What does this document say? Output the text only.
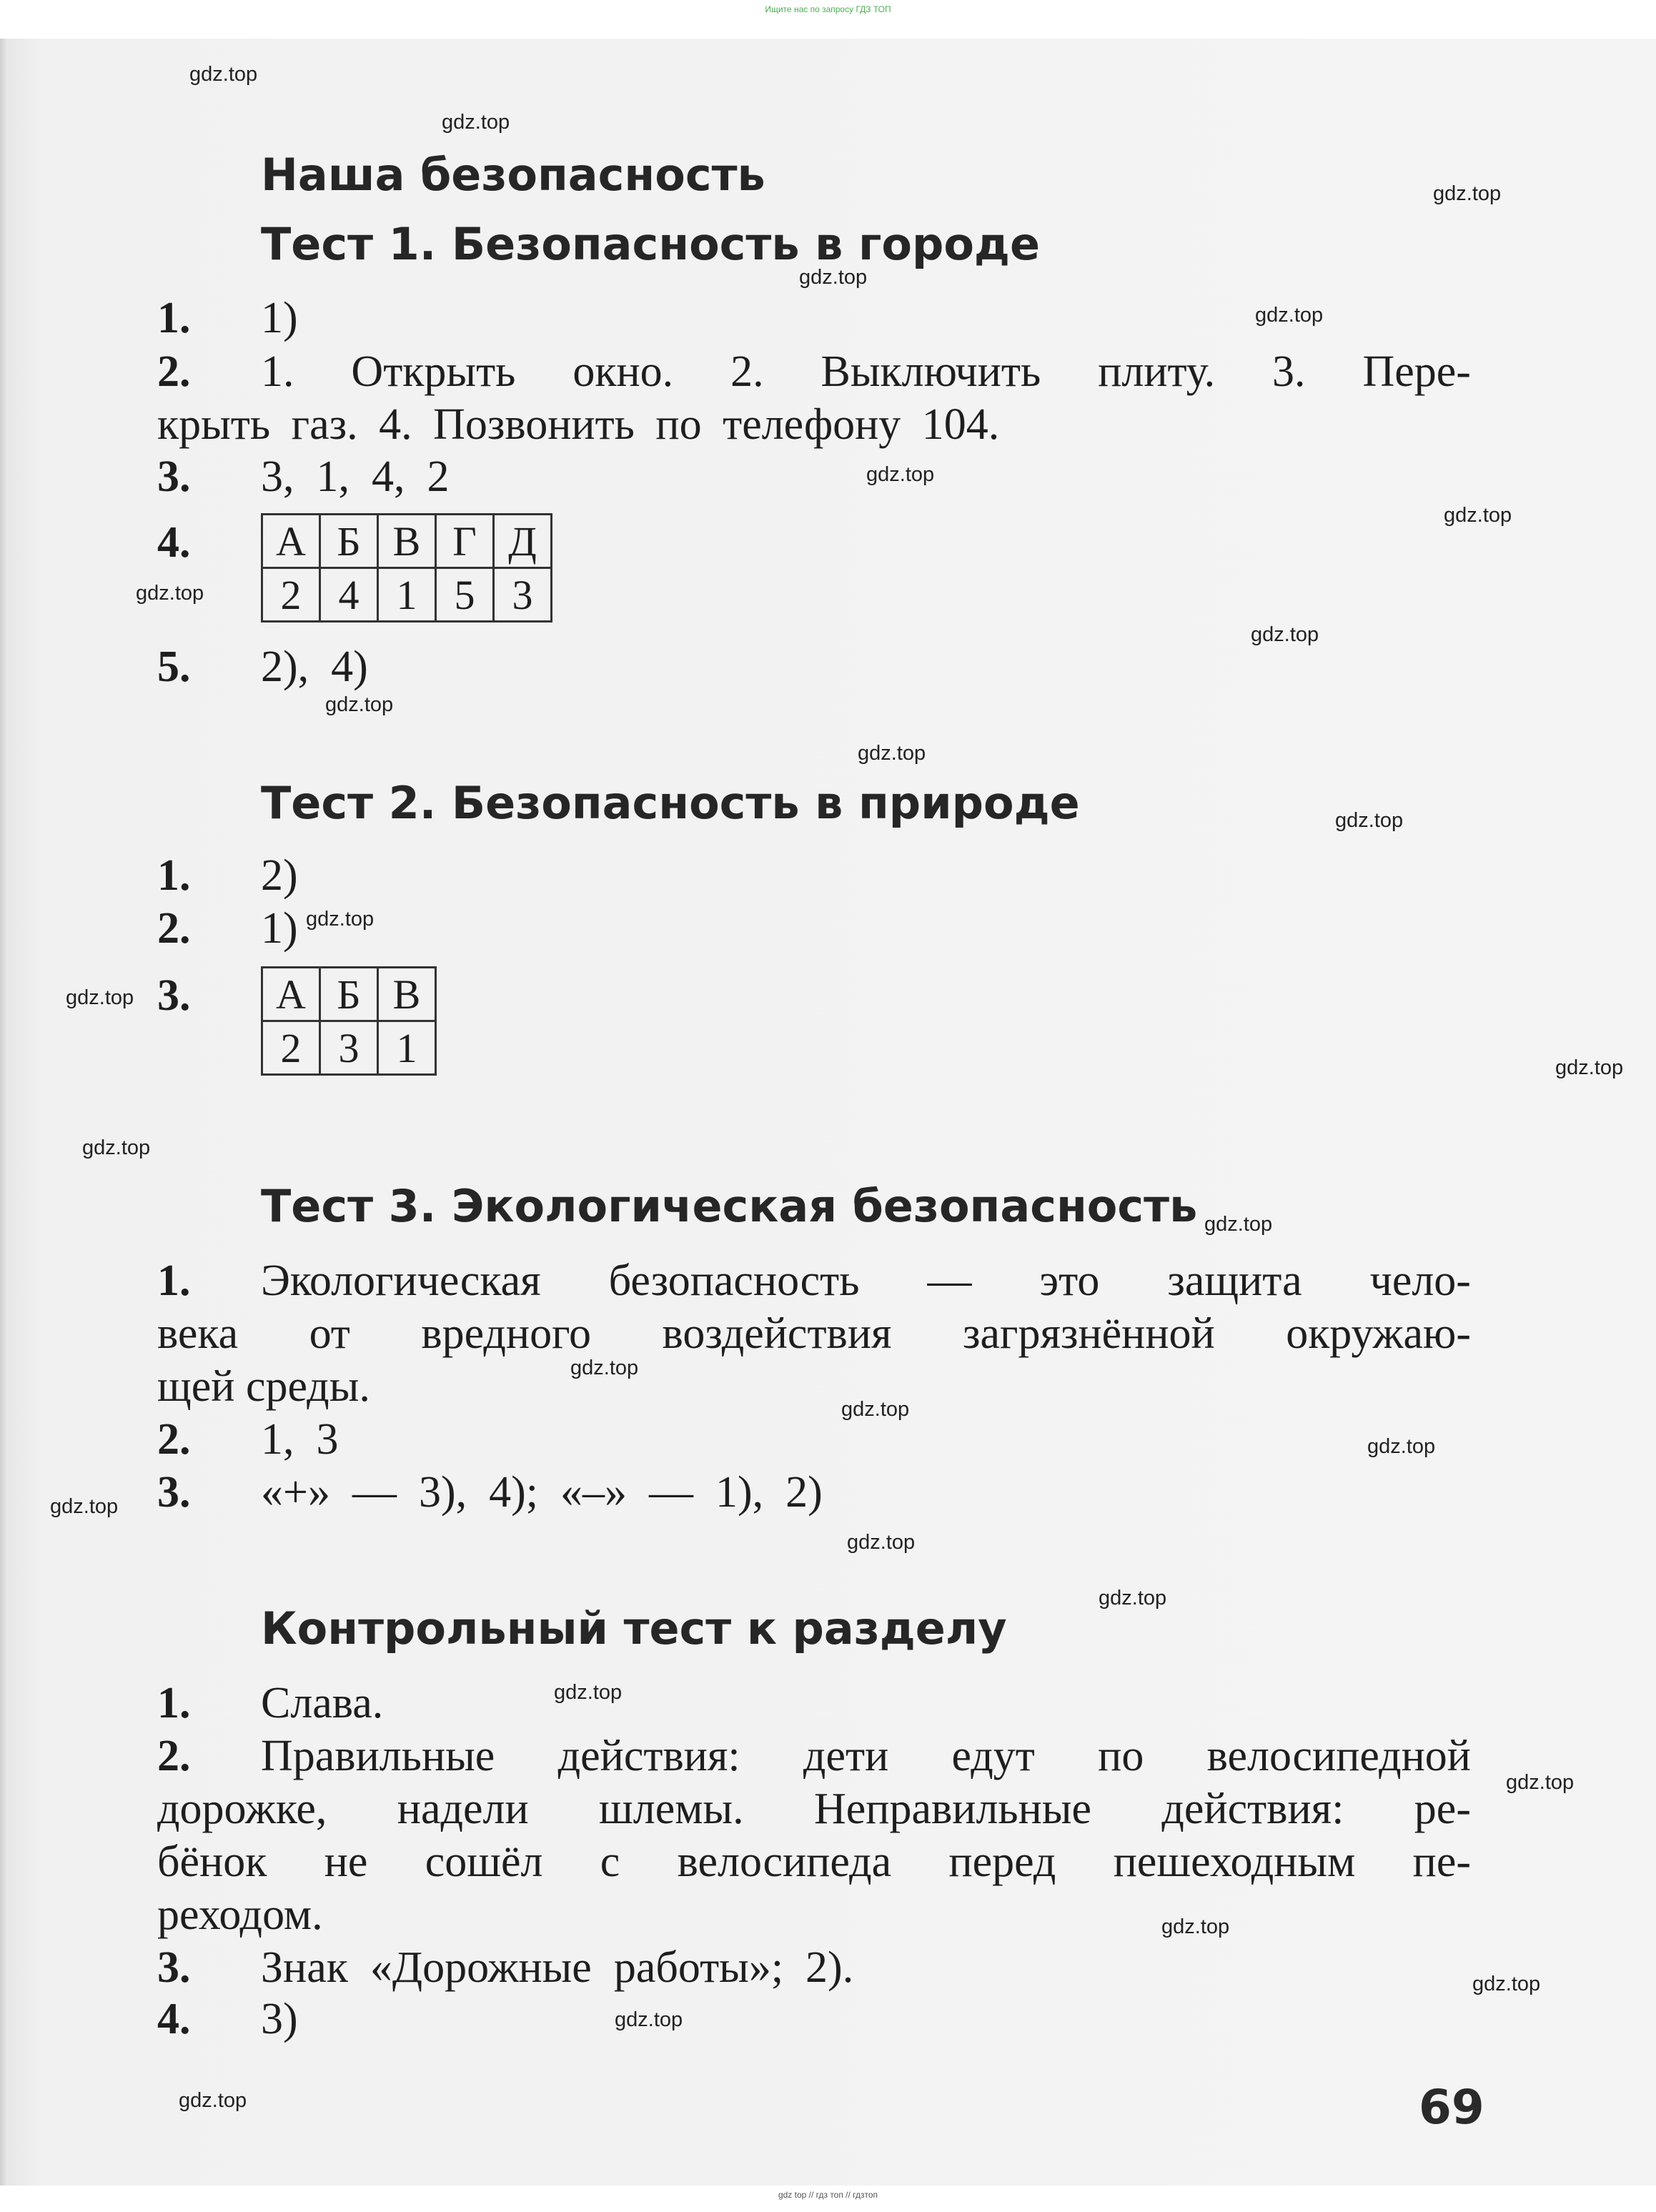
Ищите нас по запросу ГДЗ ТОП
gdz top // гдз топ // гдзтоп
Наша безопасность
Тест 1. Безопасность в городе
1. 1)
2. 1. Открыть окно. 2. Выключить плиту. 3. Пере-
крыть газ. 4. Позвонить по телефону 104.
3. 3,  1,  4,  2
4. А	Б	В	Г	Д
2	4	1	5	3
5. 2),  4)
Тест 2. Безопасность в природе
1. 2)
2. 1)
3. А	Б	В
2	3	1
Тест 3. Экологическая безопасность
1. Экологическая безопасность — это защита чело-
века от вредного воздействия загрязнённой окружаю-
щей среды.
2. 1,  3
3. «+»  —  3),  4);  «–»  —  1),  2)
Контрольный тест к разделу
1. Слава.
2. Правильные действия: дети едут по велосипедной
дорожке, надели шлемы. Неправильные действия: ре-
бёнок не сошёл с велосипеда перед пешеходным пе-
реходом.
3. Знак  «Дорожные  работы»;  2).
4. 3)
69
gdz.top
gdz.top
gdz.top
gdz.top
gdz.top
gdz.top
gdz.top
gdz.top
gdz.top
gdz.top
gdz.top
gdz.top
gdz.top
gdz.top
gdz.top
gdz.top
gdz.top
gdz.top
gdz.top
gdz.top
gdz.top
gdz.top
gdz.top
gdz.top
gdz.top
gdz.top
gdz.top
gdz.top
gdz.top
